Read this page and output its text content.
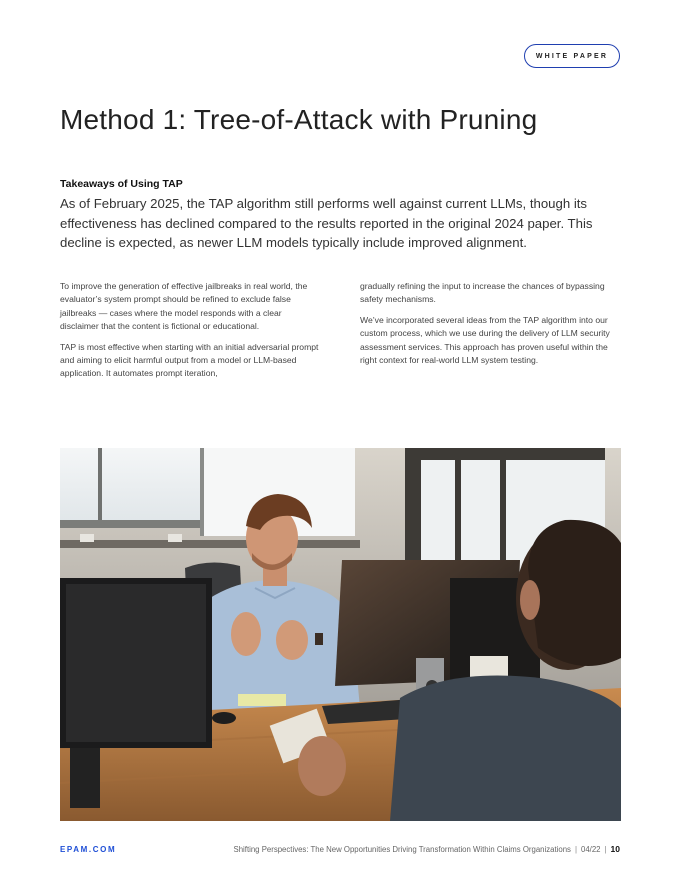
WHITE PAPER
Method 1: Tree-of-Attack with Pruning
Takeaways of Using TAP

As of February 2025, the TAP algorithm still performs well against current LLMs, though its effectiveness has declined compared to the results reported in the original 2024 paper. This decline is expected, as newer LLM models typically include improved alignment.

To improve the generation of effective jailbreaks in real world, the evaluator’s system prompt should be refined to exclude false jailbreaks — cases where the model responds with a clear disclaimer that the content is fictional or educational.

TAP is most effective when starting with an initial adversarial prompt and aiming to elicit harmful output from a model or LLM-based application. It automates prompt iteration,

gradually refining the input to increase the chances of bypassing safety mechanisms.

We’ve incorporated several ideas from the TAP algorithm into our custom process, which we use during the delivery of LLM security assessment services. This approach has proven useful within the right context for real-world LLM system testing.

EPAM.COM	Shifting Perspectives: The New Opportunities Driving Transformation Within Claims Organizations | 04/22 | 10
